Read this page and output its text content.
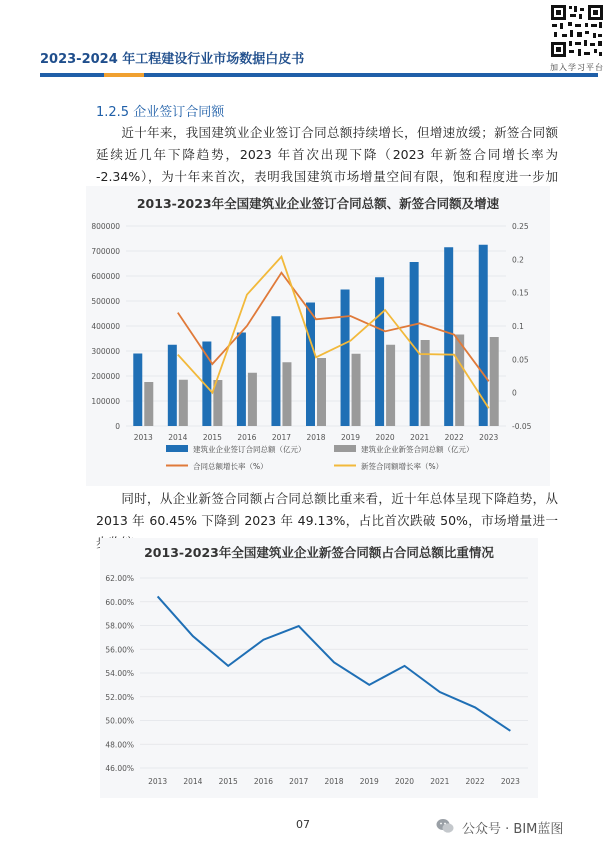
2023-2024 年工程建设行业市场数据白皮书
加入学习平台
1.2.5 企业签订合同额
近十年来，我国建筑业企业签订合同总额持续增长，但增速放缓；新签合同额延续近几年下降趋势，2023 年首次出现下降（2023 年新签合同增长率为 -2.34%），为十年来首次，表明我国建筑市场增量空间有限，饱和程度进一步加剧。	2013-2023年全国建筑业企业签订合同总额、新签合同额及增速
0
100000
200000
300000
400000
500000
600000
700000
800000
-0.05
0
0.05
0.1
0.15
0.2
0.25
2013 2014 2015 2016 2017 2018 2019 2020 2021 2022 2023
建筑业企业签订合同总额（亿元）	建筑业企业新签合同总额（亿元）
合同总额增长率（%）	新签合同额增长率（%）
同时，从企业新签合同额占合同总额比重来看，近十年总体呈现下降趋势，从 2013 年 60.45% 下降到 2023 年 49.13%，占比首次跌破 50%，市场增量进一步收缩。
2013-2023年全国建筑业企业新签合同额占合同总额比重情况
46.00%
48.00%
50.00%
52.00%
54.00%
56.00%
58.00%
60.00%
62.00%
2013 2014 2015 2016 2017 2018 2019 2020 2021 2022 2023
07	公众号 · BIM蓝图
